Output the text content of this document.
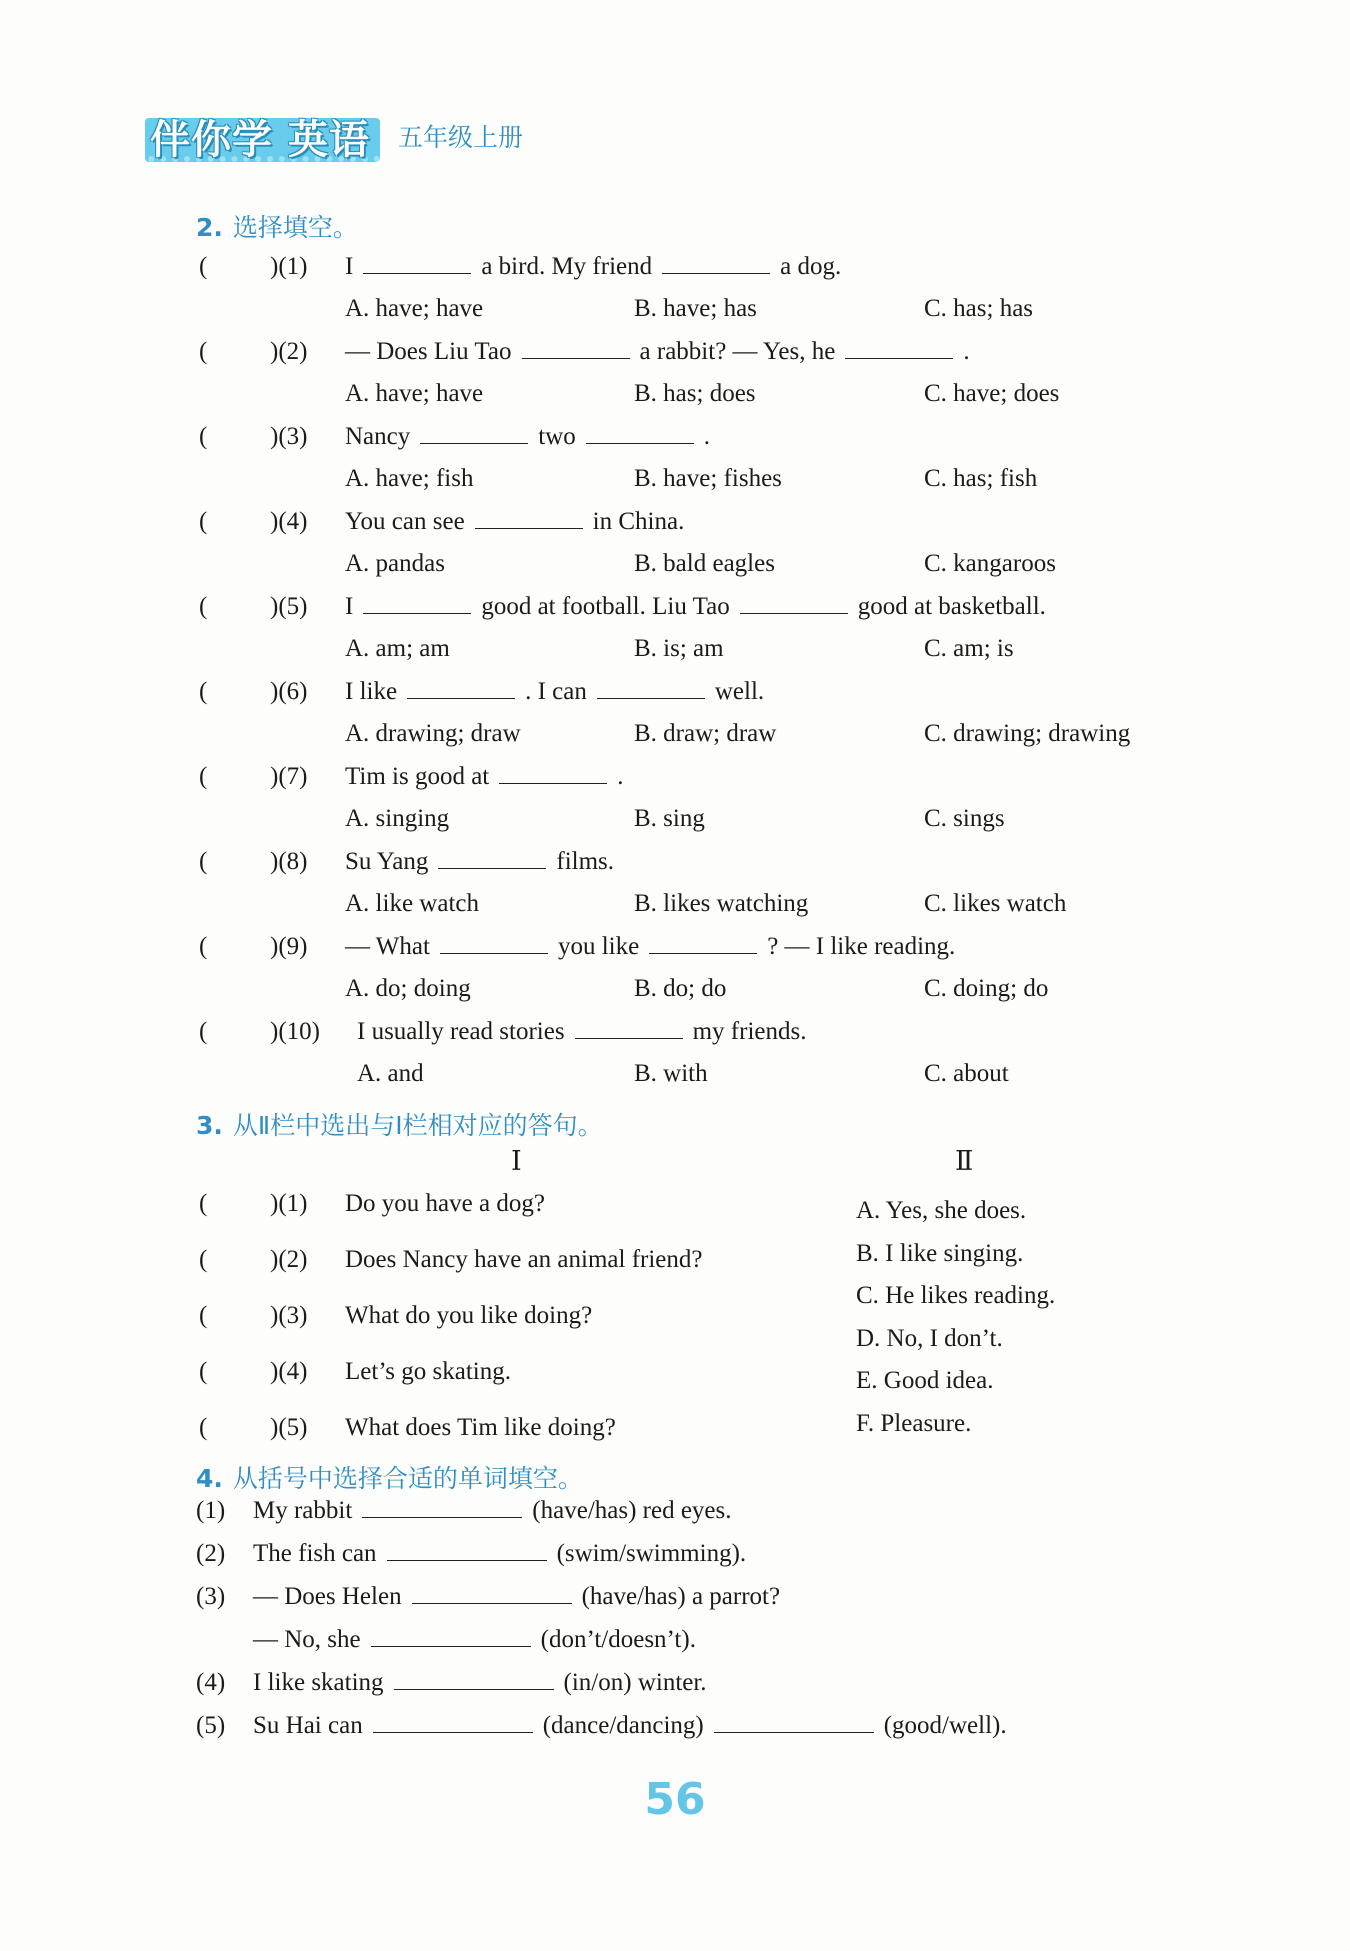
伴你学 英语 五年级上册
2. 选择填空。
(	)(1) I	a bird. My friend	a dog.
A. have; have	B. have; has	C. has; has
(	)(2) — Does Liu Tao	a rabbit? — Yes, he	.
A. have; have	B. has; does	C. have; does
(	)(3) Nancy	two	.
A. have; fish	B. have; fishes	C. has; fish
(	)(4) You can see	in China.
A. pandas	B. bald eagles	C. kangaroos
(	)(5) I	good at football. Liu Tao	good at basketball.
A. am; am	B. is; am	C. am; is
(	)(6) I like	. I can	well.
A. drawing; draw	B. draw; draw	C. drawing; drawing
(	)(7) Tim is good at	.
A. singing	B. sing	C. sings
(	)(8) Su Yang	films.
A. like watch	B. likes watching	C. likes watch
(	)(9) — What	you like	? — I like reading.
A. do; doing	B. do; do	C. doing; do
(	)(10) I usually read stories	my friends.
A. and	B. with	C. about
3. 从Ⅱ栏中选出与Ⅰ栏相对应的答句。
Ⅰ	Ⅱ
(	)(1) Do you have a dog?
(	)(2) Does Nancy have an animal friend?
(	)(3) What do you like doing?
(	)(4) Let’s go skating.
(	)(5) What does Tim like doing?
A. Yes, she does.
B. I like singing.
C. He likes reading.
D. No, I don’t.
E. Good idea.
F. Pleasure.
4. 从括号中选择合适的单词填空。
(1) My rabbit	(have/has) red eyes.
(2) The fish can	(swim/swimming).
(3) — Does Helen	(have/has) a parrot?
— No, she	(don’t/doesn’t).
(4) I like skating	(in/on) winter.
(5) Su Hai can	(dance/dancing)	(good/well).
56
